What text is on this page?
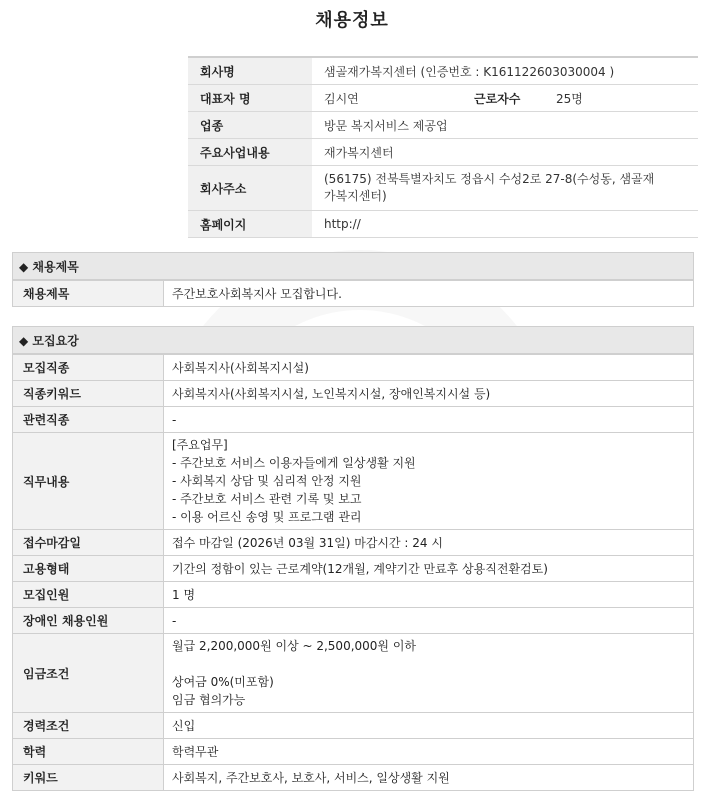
채용정보
회사명	샘골재가복지센터 (인증번호 : K161122603030004 )		
대표자 명	김시연	근로자수	25명
업종	방문 복지서비스 제공업		
주요사업내용	재가복지센터		
회사주소	(56175) 전북특별자치도 정읍시 수성2로 27-8(수성동, 샘골재
가복지센터)		

홈페이지	http://		
◆ 채용제목
채용제목	주간보호사회복지사 모집합니다.
◆ 모집요강
모집직종	사회복지사(사회복지시설)
직종키워드	사회복지사(사회복지시설, 노인복지시설, 장애인복지시설 등)
관련직종	-
직무내용	[주요업무]
- 주간보호 서비스 이용자들에게 일상생활 지원
- 사회복지 상담 및 심리적 안정 지원
- 주간보호 서비스 관련 기록 및 보고
- 이용 어르신 송영 및 프로그램 관리

접수마감일	접수 마감일 (2026년 03월 31일) 마감시간 : 24 시
고용형태	기간의 정함이 있는 근로계약(12개월, 계약기간 만료후 상용직전환검토)
모집인원	1 명
장애인 채용인원	-
임금조건	월급 2,200,000원 이상 ~ 2,500,000원 이하
상여금 0%(미포함)
임금 협의가능

경력조건	신입
학력	학력무관
키워드	사회복지, 주간보호사, 보호사, 서비스, 일상생활 지원
